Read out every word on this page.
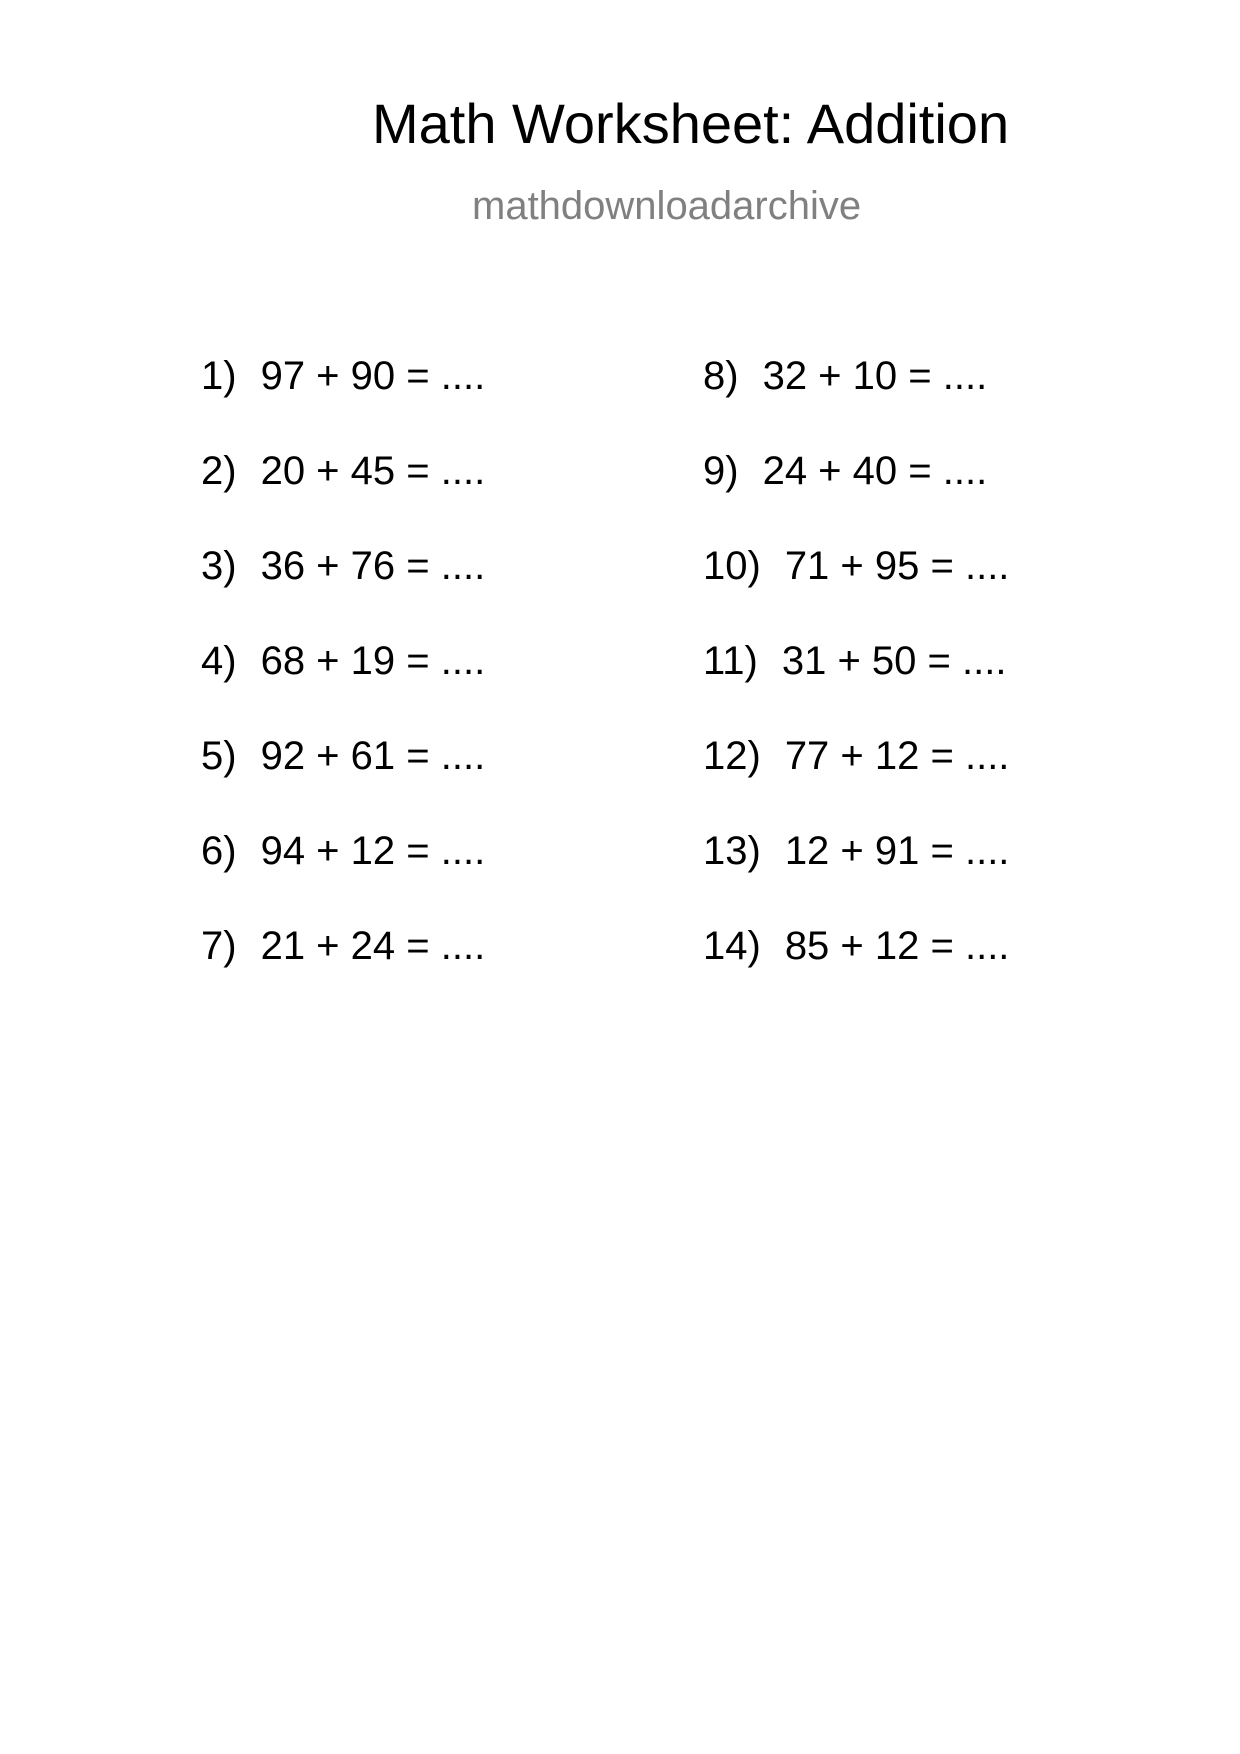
Math Worksheet: Addition
mathdownloadarchive
1) 97 + 90 = ....
2) 20 + 45 = ....
3) 36 + 76 = ....
4) 68 + 19 = ....
5) 92 + 61 = ....
6) 94 + 12 = ....
7) 21 + 24 = ....
8) 32 + 10 = ....
9) 24 + 40 = ....
10) 71 + 95 = ....
11) 31 + 50 = ....
12) 77 + 12 = ....
13) 12 + 91 = ....
14) 85 + 12 = ....
